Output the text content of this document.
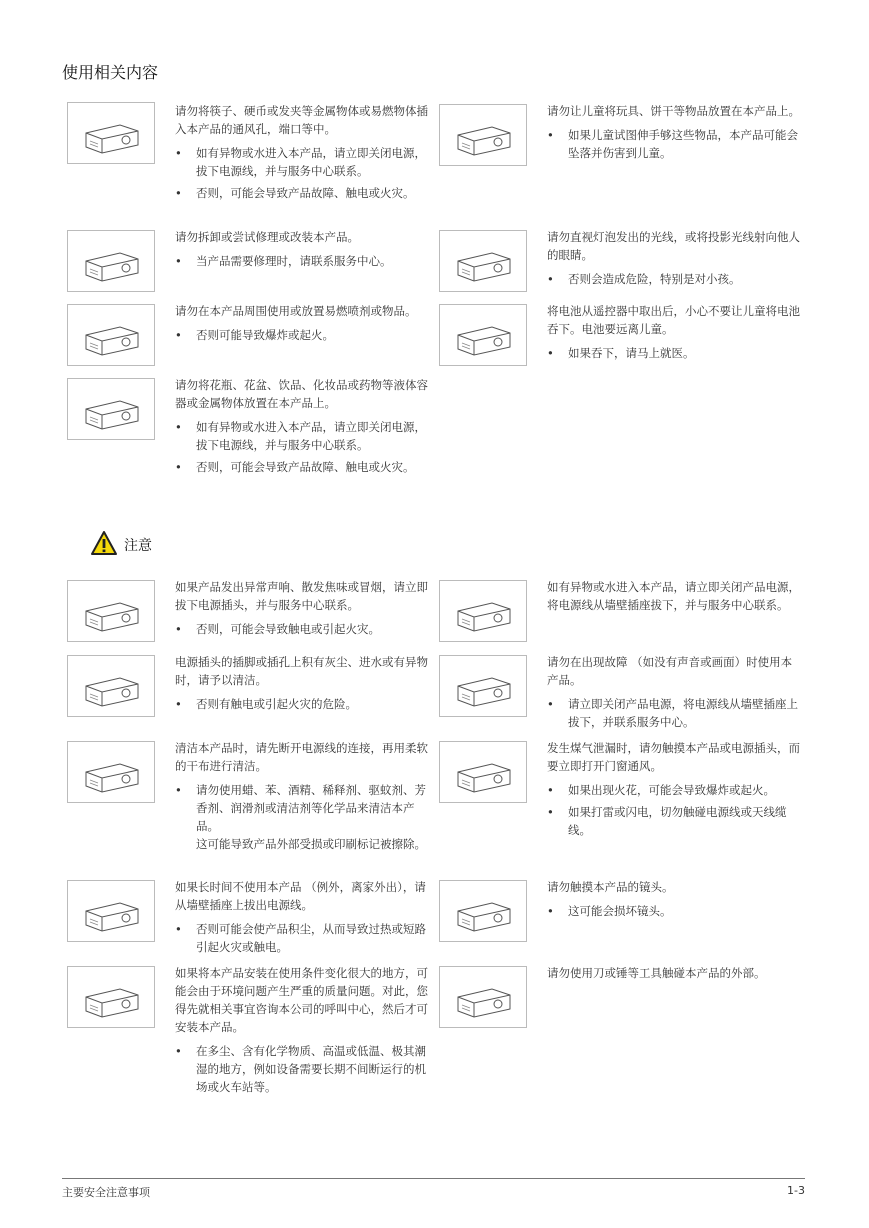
使用相关内容

请勿将筷子、硬币或发夹等金属物体或易燃物体插入本产品的通风孔，端口等中。

• 如有异物或水进入本产品，请立即关闭电源，拔下电源线，并与服务中心联系。
• 否则，可能会导致产品故障、触电或火灾。

请勿拆卸或尝试修理或改装本产品。

• 当产品需要修理时，请联系服务中心。

请勿在本产品周围使用或放置易燃喷剂或物品。

• 否则可能导致爆炸或起火。

请勿将花瓶、花盆、饮品、化妆品或药物等液体容器或金属物体放置在本产品上。

• 如有异物或水进入本产品，请立即关闭电源，拔下电源线，并与服务中心联系。
• 否则，可能会导致产品故障、触电或火灾。

请勿让儿童将玩具、饼干等物品放置在本产品上。

• 如果儿童试图伸手够这些物品，本产品可能会坠落并伤害到儿童。

请勿直视灯泡发出的光线，或将投影光线射向他人的眼睛。

• 否则会造成危险，特别是对小孩。

将电池从遥控器中取出后，小心不要让儿童将电池吞下。电池要远离儿童。

• 如果吞下，请马上就医。
注意

如果产品发出异常声响、散发焦味或冒烟，请立即拔下电源插头，并与服务中心联系。

• 否则，可能会导致触电或引起火灾。

电源插头的插脚或插孔上积有灰尘、进水或有异物时，请予以清洁。

• 否则有触电或引起火灾的危险。

清洁本产品时，请先断开电源线的连接，再用柔软的干布进行清洁。

• 请勿使用蜡、苯、酒精、稀释剂、驱蚊剂、芳香剂、润滑剂或清洁剂等化学品来清洁本产品。
这可能导致产品外部受损或印刷标记被擦除。

如果长时间不使用本产品 （例外，离家外出），请从墙壁插座上拔出电源线。

• 否则可能会使产品积尘，从而导致过热或短路引起火灾或触电。

如果将本产品安装在使用条件变化很大的地方，可能会由于环境问题产生严重的质量问题。对此，您得先就相关事宜咨询本公司的呼叫中心，然后才可安装本产品。

• 在多尘、含有化学物质、高温或低温、极其潮湿的地方，例如设备需要长期不间断运行的机场或火车站等。

如有异物或水进入本产品，请立即关闭产品电源，将电源线从墙壁插座拔下，并与服务中心联系。

请勿在出现故障 （如没有声音或画面）时使用本产品。

• 请立即关闭产品电源，将电源线从墙壁插座上拔下，并联系服务中心。

发生煤气泄漏时，请勿触摸本产品或电源插头，而要立即打开门窗通风。

• 如果出现火花，可能会导致爆炸或起火。
• 如果打雷或闪电，切勿触碰电源线或天线缆线。

请勿触摸本产品的镜头。

• 这可能会损坏镜头。

请勿使用刀或锤等工具触碰本产品的外部。

主要安全注意事项	1-3
